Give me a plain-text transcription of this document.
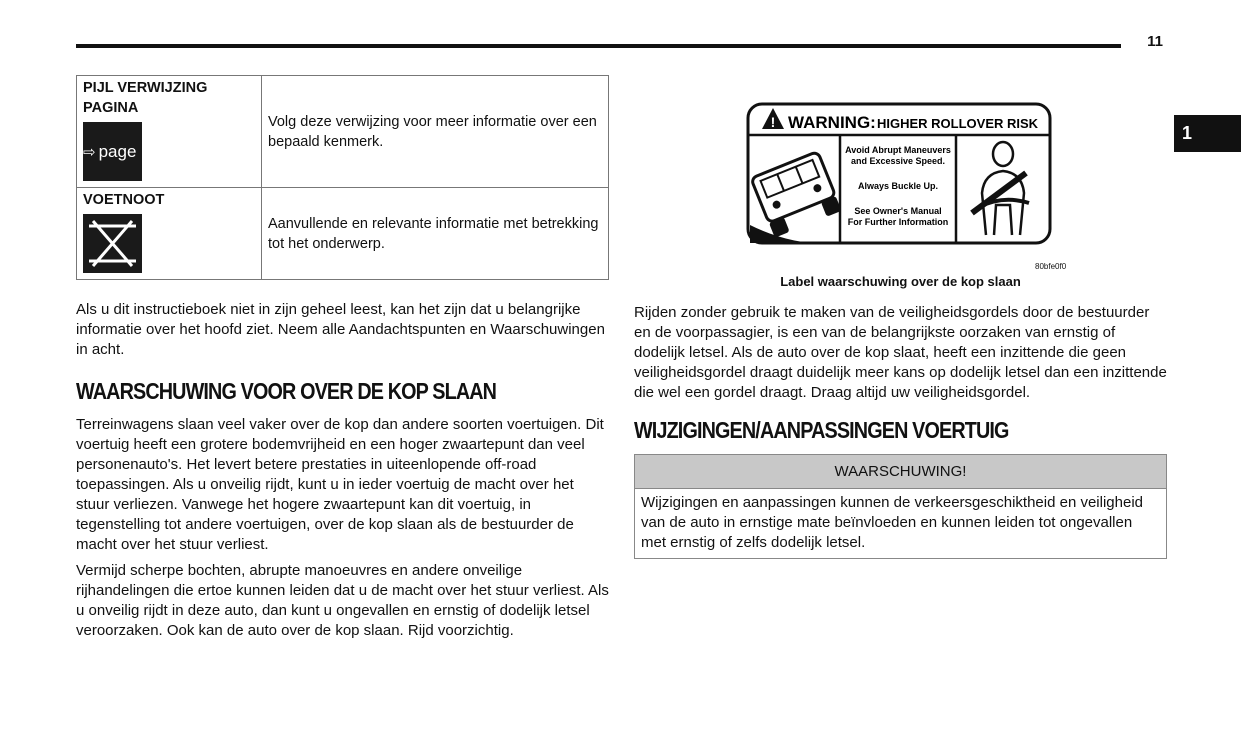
11
1
PIJL VERWIJZING PAGINA
⇨ page	Volg deze verwijzing voor meer informatie over een bepaald kenmerk.

VOETNOOT	Aanvullende en relevante informatie met betrekking tot het onderwerp.

Als u dit instructieboek niet in zijn geheel leest, kan het zijn dat u belangrijke informatie over het hoofd ziet. Neem alle Aandachtspunten en Waarschuwingen in acht.

WAARSCHUWING VOOR OVER DE KOP SLAAN

Terreinwagens slaan veel vaker over de kop dan andere soorten voertuigen. Dit voertuig heeft een grotere bodemvrijheid en een hoger zwaartepunt dan veel personenauto's. Het levert betere prestaties in uiteenlopende off-road toepassingen. Als u onveilig rijdt, kunt u in ieder voertuig de macht over het stuur verliezen. Vanwege het hogere zwaartepunt kan dit voertuig, in tegenstelling tot andere voertuigen, over de kop slaan als de bestuurder de macht over het stuur verliest.

Vermijd scherpe bochten, abrupte manoeuvres en andere onveilige rijhandelingen die ertoe kunnen leiden dat u de macht over het stuur verliest. Als u onveilig rijdt in deze auto, dan kunt u ongevallen en ernstig of dodelijk letsel veroorzaken. Ook kan de auto over de kop slaan. Rijd voorzichtig.

! WARNING: HIGHER ROLLOVER RISK
Avoid Abrupt Maneuvers
and Excessive Speed.
Always Buckle Up.
See Owner's Manual
For Further Information
80bfe0f0
Label waarschuwing over de kop slaan

Rijden zonder gebruik te maken van de veiligheidsgordels door de bestuurder en de voorpassagier, is een van de belangrijkste oorzaken van ernstig of dodelijk letsel. Als de auto over de kop slaat, heeft een inzittende die geen veiligheidsgordel draagt duidelijk meer kans op dodelijk letsel dan een inzittende die wel een gordel draagt. Draag altijd uw veiligheidsgordel.

WIJZIGINGEN/AANPASSINGEN VOERTUIG
WAARSCHUWING!

Wijzigingen en aanpassingen kunnen de verkeersgeschiktheid en veiligheid van de auto in ernstige mate beïnvloeden en kunnen leiden tot ongevallen met ernstig of zelfs dodelijk letsel.
